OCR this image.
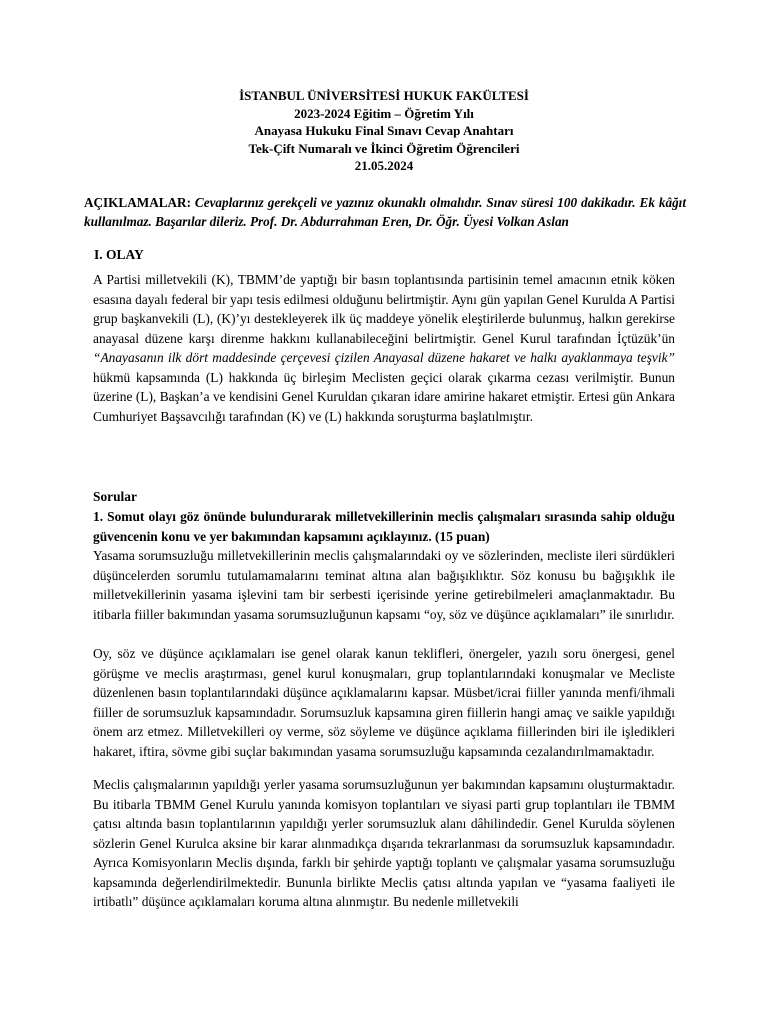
İSTANBUL ÜNİVERSİTESİ HUKUK FAKÜLTESİ
2023-2024 Eğitim – Öğretim Yılı
Anayasa Hukuku Final Sınavı Cevap Anahtarı
Tek-Çift Numaralı ve İkinci Öğretim Öğrencileri
21.05.2024
AÇIKLAMALAR: Cevaplarınız gerekçeli ve yazınız okunaklı olmalıdır. Sınav süresi 100 dakikadır. Ek kâğıt kullanılmaz. Başarılar dileriz. Prof. Dr. Abdurrahman Eren, Dr. Öğr. Üyesi Volkan Aslan
I. OLAY
A Partisi milletvekili (K), TBMM’de yaptığı bir basın toplantısında partisinin temel amacının etnik köken esasına dayalı federal bir yapı tesis edilmesi olduğunu belirtmiştir. Aynı gün yapılan Genel Kurulda A Partisi grup başkanvekili (L), (K)’yı destekleyerek ilk üç maddeye yönelik eleştirilerde bulunmuş, halkın gerekirse anayasal düzene karşı direnme hakkını kullanabileceğini belirtmiştir. Genel Kurul tarafından İçtüzük’ün “Anayasanın ilk dört maddesinde çerçevesi çizilen Anayasal düzene hakaret ve halkı ayaklanmaya teşvik” hükmü kapsamında (L) hakkında üç birleşim Meclisten geçici olarak çıkarma cezası verilmiştir. Bunun üzerine (L), Başkan’a ve kendisini Genel Kuruldan çıkaran idare amirine hakaret etmiştir. Ertesi gün Ankara Cumhuriyet Başsavcılığı tarafından (K) ve (L) hakkında soruşturma başlatılmıştır.
Sorular
1. Somut olayı göz önünde bulundurarak milletvekillerinin meclis çalışmaları sırasında sahip olduğu güvencenin konu ve yer bakımından kapsamını açıklayınız. (15 puan)
Yasama sorumsuzluğu milletvekillerinin meclis çalışmalarındaki oy ve sözlerinden, mecliste ileri sürdükleri düşüncelerden sorumlu tutulamamalarını teminat altına alan bağışıklıktır. Söz konusu bu bağışıklık ile milletvekillerinin yasama işlevini tam bir serbesti içerisinde yerine getirebilmeleri amaçlanmaktadır. Bu itibarla fiiller bakımından yasama sorumsuzluğunun kapsamı “oy, söz ve düşünce açıklamaları” ile sınırlıdır.
Oy, söz ve düşünce açıklamaları ise genel olarak kanun teklifleri, önergeler, yazılı soru önergesi, genel görüşme ve meclis araştırması, genel kurul konuşmaları, grup toplantılarındaki konuşmalar ve Mecliste düzenlenen basın toplantılarındaki düşünce açıklamalarını kapsar. Müsbet/icrai fiiller yanında menfi/ihmali fiiller de sorumsuzluk kapsamındadır. Sorumsuzluk kapsamına giren fiillerin hangi amaç ve saikle yapıldığı önem arz etmez. Milletvekilleri oy verme, söz söyleme ve düşünce açıklama fiillerinden biri ile işledikleri hakaret, iftira, sövme gibi suçlar bakımından yasama sorumsuzluğu kapsamında cezalandırılmamaktadır.
Meclis çalışmalarının yapıldığı yerler yasama sorumsuzluğunun yer bakımından kapsamını oluşturmaktadır. Bu itibarla TBMM Genel Kurulu yanında komisyon toplantıları ve siyasi parti grup toplantıları ile TBMM çatısı altında basın toplantılarının yapıldığı yerler sorumsuzluk alanı dâhilindedir. Genel Kurulda söylenen sözlerin Genel Kurulca aksine bir karar alınmadıkça dışarıda tekrarlanması da sorumsuzluk kapsamındadır. Ayrıca Komisyonların Meclis dışında, farklı bir şehirde yaptığı toplantı ve çalışmalar yasama sorumsuzluğu kapsamında değerlendirilmektedir. Bununla birlikte Meclis çatısı altında yapılan ve “yasama faaliyeti ile irtibatlı” düşünce açıklamaları koruma altına alınmıştır. Bu nedenle milletvekili
